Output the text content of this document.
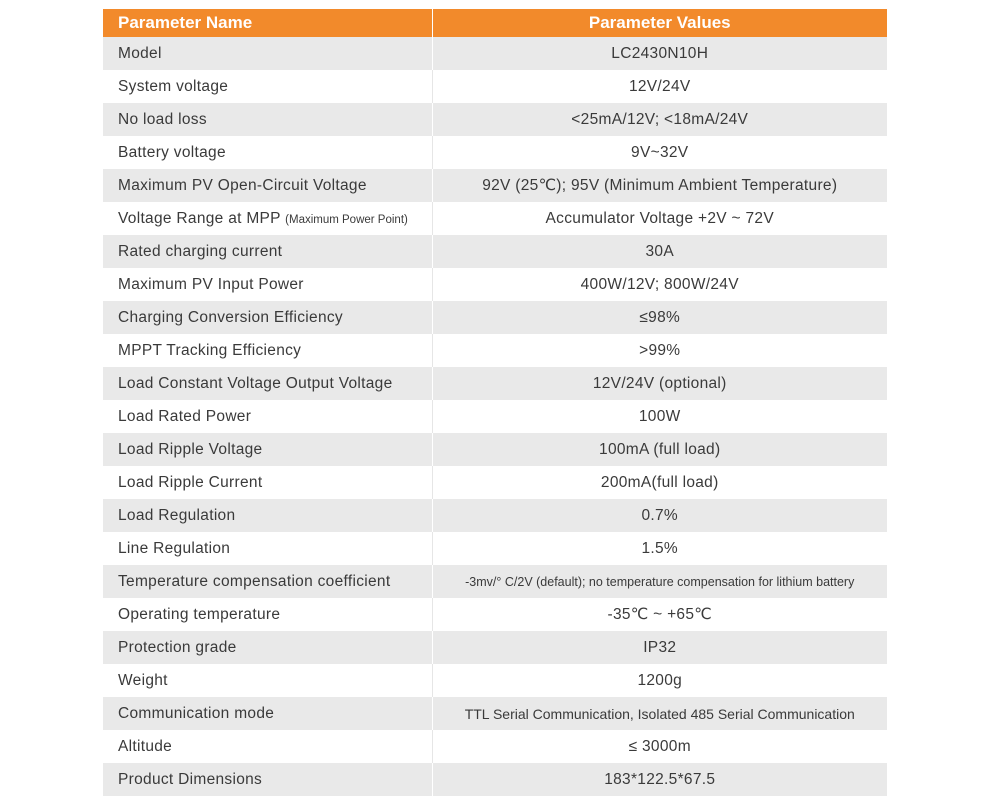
Parameter Name	Parameter Values
Model	LC2430N10H
System voltage	12V/24V
No load loss	<25mA/12V; <18mA/24V
Battery voltage	9V~32V
Maximum PV Open-Circuit Voltage	92V (25℃); 95V (Minimum Ambient Temperature)
Voltage Range at MPP (Maximum Power Point)	Accumulator Voltage +2V ~ 72V
Rated charging current	30A
Maximum PV Input Power	400W/12V; 800W/24V
Charging Conversion Efficiency	≤98%
MPPT Tracking Efficiency	>99%
Load Constant Voltage Output Voltage	12V/24V (optional)
Load Rated Power	100W
Load Ripple Voltage	100mA (full load)
Load Ripple Current	200mA(full load)
Load Regulation	0.7%
Line Regulation	1.5%
Temperature compensation coefficient	-3mv/° C/2V (default); no temperature compensation for lithium battery
Operating temperature	-35℃ ~ +65℃
Protection grade	IP32
Weight	1200g
Communication mode	TTL Serial Communication, Isolated 485 Serial Communication
Altitude	≤ 3000m
Product Dimensions	183*122.5*67.5
